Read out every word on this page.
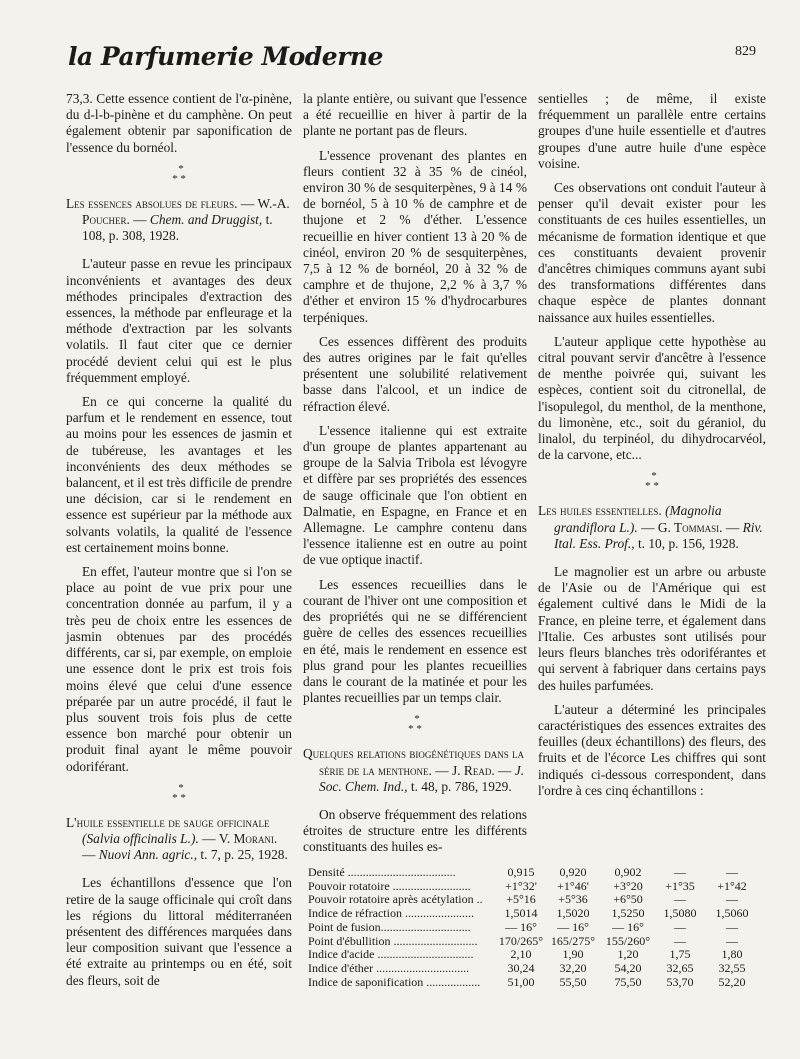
la Parfumerie Moderne	829

73,3. Cette essence contient de l'α-pinène, du d-l-b-pinène et du camphène. On peut également obtenir par saponification de l'essence du bornéol.

*
* *

Les essences absolues de fleurs. — W.-A. Poucher. — Chem. and Druggist, t. 108, p. 308, 1928.

L'auteur passe en revue les principaux inconvénients et avantages des deux méthodes principales d'extraction des essences, la méthode par enfleurage et la méthode d'extraction par les solvants volatils. Il faut citer que ce dernier procédé devient celui qui est le plus fréquemment employé.

En ce qui concerne la qualité du parfum et le rendement en essence, tout au moins pour les essences de jasmin et de tubéreuse, les avantages et les inconvénients des deux méthodes se balancent, et il est très difficile de prendre une décision, car si le rendement en essence est supérieur par la méthode aux solvants volatils, la qualité de l'essence est certainement moins bonne.

En effet, l'auteur montre que si l'on se place au point de vue prix pour une concentration donnée au parfum, il y a très peu de choix entre les essences de jasmin obtenues par des procédés différents, car si, par exemple, on emploie une essence dont le prix est trois fois moins élevé que celui d'une essence préparée par un autre procédé, il faut le plus souvent trois fois plus de cette essence bon marché pour obtenir un produit final ayant le même pouvoir odoriférant.

*
* *

L'huile essentielle de sauge officinale (Salvia officinalis L.). — V. Morani. — Nuovi Ann. agric., t. 7, p. 25, 1928.

Les échantillons d'essence que l'on retire de la sauge officinale qui croît dans les régions du littoral méditerranéen présentent des différences marquées dans leur composition suivant que l'essence a été extraite au printemps ou en été, soit des fleurs, soit de

la plante entière, ou suivant que l'essence a été recueillie en hiver à partir de la plante ne portant pas de fleurs.

L'essence provenant des plantes en fleurs contient 32 à 35 % de cinéol, environ 30 % de sesquiterpènes, 9 à 14 % de bornéol, 5 à 10 % de camphre et de thujone et 2 % d'éther. L'essence recueillie en hiver contient 13 à 20 % de cinéol, environ 20 % de sesquiterpènes, 7,5 à 12 % de bornéol, 20 à 32 % de camphre et de thujone, 2,2 % à 3,7 % d'éther et environ 15 % d'hydrocarbures terpéniques.

Ces essences diffèrent des produits des autres origines par le fait qu'elles présentent une solubilité relativement basse dans l'alcool, et un indice de réfraction élevé.

L'essence italienne qui est extraite d'un groupe de plantes appartenant au groupe de la Salvia Tribola est lévogyre et diffère par ses propriétés des essences de sauge officinale que l'on obtient en Dalmatie, en Espagne, en France et en Allemagne. Le camphre contenu dans l'essence italienne est en outre au point de vue optique inactif.

Les essences recueillies dans le courant de l'hiver ont une composition et des propriétés qui ne se différencient guère de celles des essences recueillies en été, mais le rendement en essence est plus grand pour les plantes recueillies dans le courant de la matinée et pour les plantes recueillies par un temps clair.

*
* *

Quelques relations biogénétiques dans la série de la menthone. — J. Read. — J. Soc. Chem. Ind., t. 48, p. 786, 1929.

On observe fréquemment des relations étroites de structure entre les différents constituants des huiles es-

sentielles ; de même, il existe fréquemment un parallèle entre certains groupes d'une huile essentielle et d'autres groupes d'une autre huile d'une espèce voisine.

Ces observations ont conduit l'auteur à penser qu'il devait exister pour les constituants de ces huiles essentielles, un mécanisme de formation identique et que ces constituants devaient provenir d'ancêtres chimiques communs ayant subi des transformations différentes dans chaque espèce de plantes donnant naissance aux huiles essentielles.

L'auteur applique cette hypothèse au citral pouvant servir d'ancêtre à l'essence de menthe poivrée qui, suivant les espèces, contient soit du citronellal, de l'isopulegol, du menthol, de la menthone, du limonène, etc., soit du géraniol, du linalol, du terpinéol, du dihydrocarvéol, de la carvone, etc...

*
* *

Les huiles essentielles. (Magnolia grandiflora L.). — G. Tommasi. — Riv. Ital. Ess. Prof., t. 10, p. 156, 1928.

Le magnolier est un arbre ou arbuste de l'Asie ou de l'Amérique qui est également cultivé dans le Midi de la France, en pleine terre, et également dans l'Italie. Ces arbustes sont utilisés pour leurs fleurs blanches très odoriférantes et qui servent à fabriquer dans certains pays des huiles parfumées.

L'auteur a déterminé les principales caractéristiques des essences extraites des feuilles (deux échantillons) des fleurs, des fruits et de l'écorce Les chiffres qui sont indiqués ci-dessous correspondent, dans l'ordre à ces cinq échantillons :

Densité ....................................	0,915	0,920	0,902	—	—
Pouvoir rotatoire ..........................	+1°32'	+1°46'	+3°20	+1°35	+1°42
Pouvoir rotatoire après acétylation ..	+5°16	+5°36	+6°50	—	—
Indice de réfraction .......................	1,5014	1,5020	1,5250	1,5080	1,5060
Point de fusion..............................	— 16°	— 16°	— 16°	—	—
Point d'ébullition ............................	170/265° 165/275° 155/260°	—	—
Indice d'acide ................................	2,10	1,90	1,20	1,75	1,80
Indice d'éther ...............................	30,24	32,20	54,20	32,65	32,55
Indice de saponification ..................	51,00	55,50	75,50	53,70	52,20
